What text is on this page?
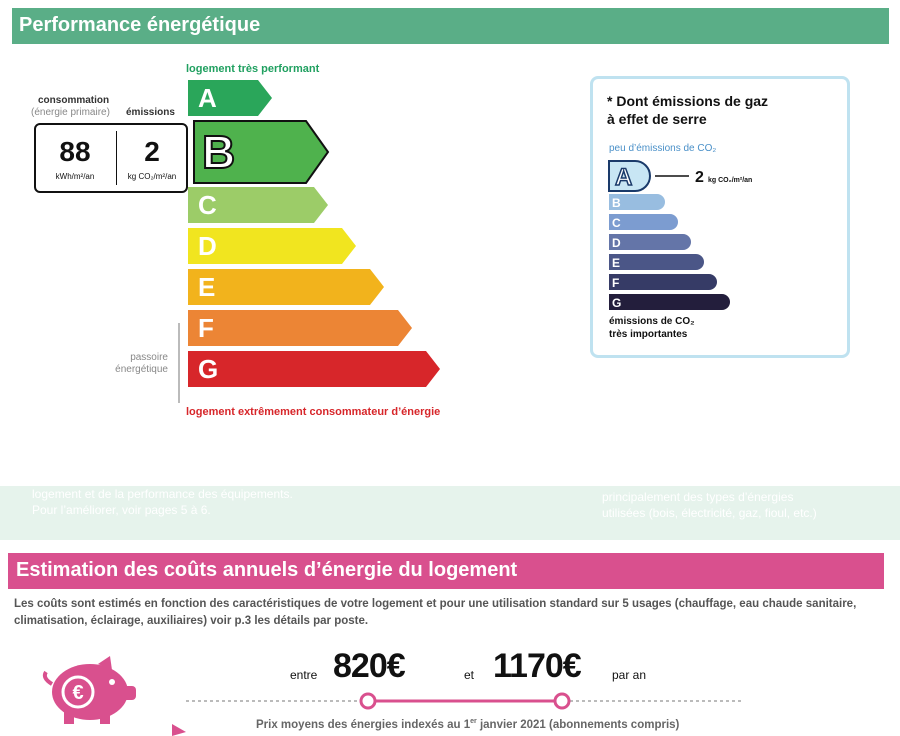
Performance énergétique
logement très performant
logement extrêmement consommateur d’énergie
consommation
(énergie primaire) émissions
88
kWh/m²/an
2
kg CO₂/m²/an
A
B
C
D
E
F
G
passoire
énergétique
* Dont émissions de gaz
à effet de serre
peu d’émissions de CO₂
A	2 kg CO₂/m²/an
B
C
D
E
F
G
émissions de CO₂
très importantes
logement et de la performance des équipements.
Pour l’améliorer, voir pages 5 à 6.
principalement des types d’énergies
utilisées (bois, électricité, gaz, fioul, etc.)
Estimation des coûts annuels d’énergie du logement
Les coûts sont estimés en fonction des caractéristiques de votre logement et pour une utilisation standard sur 5 usages (chauffage, eau chaude sanitaire, climatisation, éclairage, auxiliaires) voir p.3 les détails par poste.
€
entre 820€	et 1170€	par an
Prix moyens des énergies indexés au 1er janvier 2021 (abonnements compris)
